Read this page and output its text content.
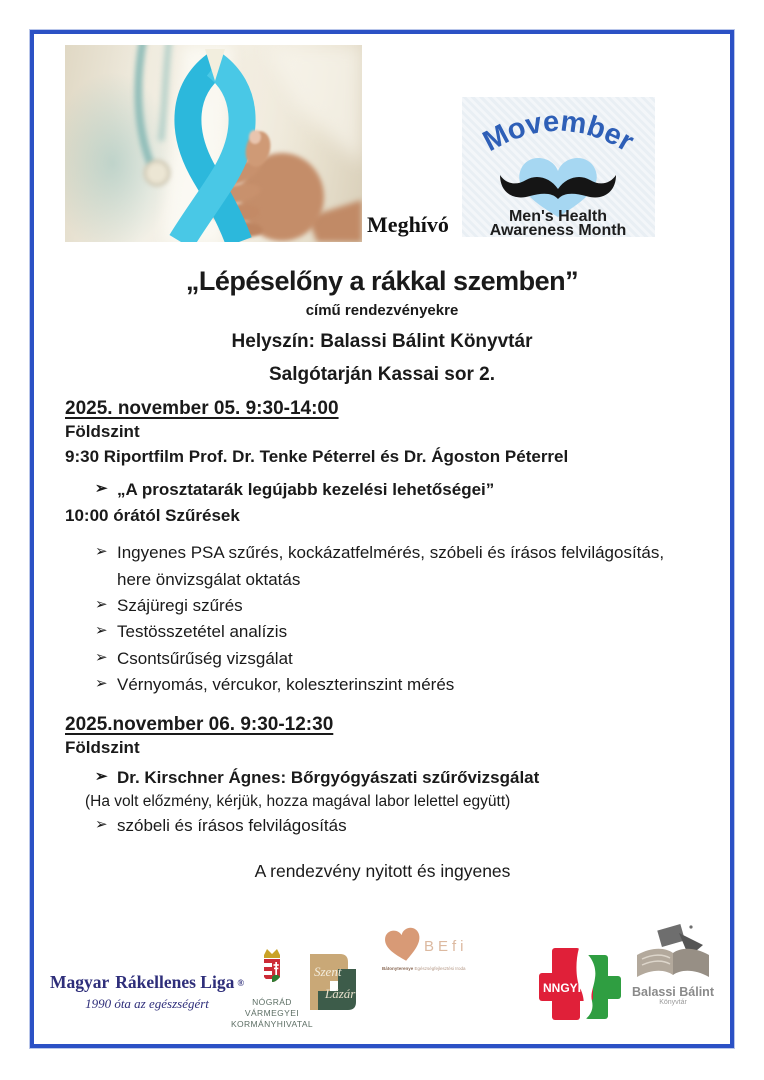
Meghívó
Movember
Men's Health
Awareness Month
„Lépéselőny a rákkal szemben”
című rendezvényekre
Helyszín: Balassi Bálint Könyvtár
Salgótarján Kassai sor 2.
2025. november 05. 9:30-14:00
Földszint
9:30 Riportfilm Prof. Dr. Tenke Péterrel és Dr. Ágoston Péterrel
➢ „A prosztatarák legújabb kezelési lehetőségei”
10:00 órától Szűrések
➢ Ingyenes PSA szűrés, kockázatfelmérés, szóbeli és írásos felvilágosítás, here önvizsgálat oktatás
➢ Szájüregi szűrés
➢ Testösszetétel analízis
➢ Csontsűrűség vizsgálat
➢ Vérnyomás, vércukor, koleszterinszint mérés
2025.november 06. 9:30-12:30
Földszint
➢ Dr. Kirschner Ágnes: Bőrgyógyászati szűrővizsgálat
(Ha volt előzmény, kérjük, hozza magával labor lelettel együtt)
➢ szóbeli és írásos felvilágosítás
A rendezvény nyitott és ingyenes
Magyar Rákellenes Liga ®
1990 óta az egészségért	NÓGRÁD VÁRMEGYEI
KORMÁNYHIVATAL
Szent
Lázár
BEfi
Bátonyterenye Egészségfejlesztési Iroda
NNGYK	Balassi Bálint
Könyvtár
